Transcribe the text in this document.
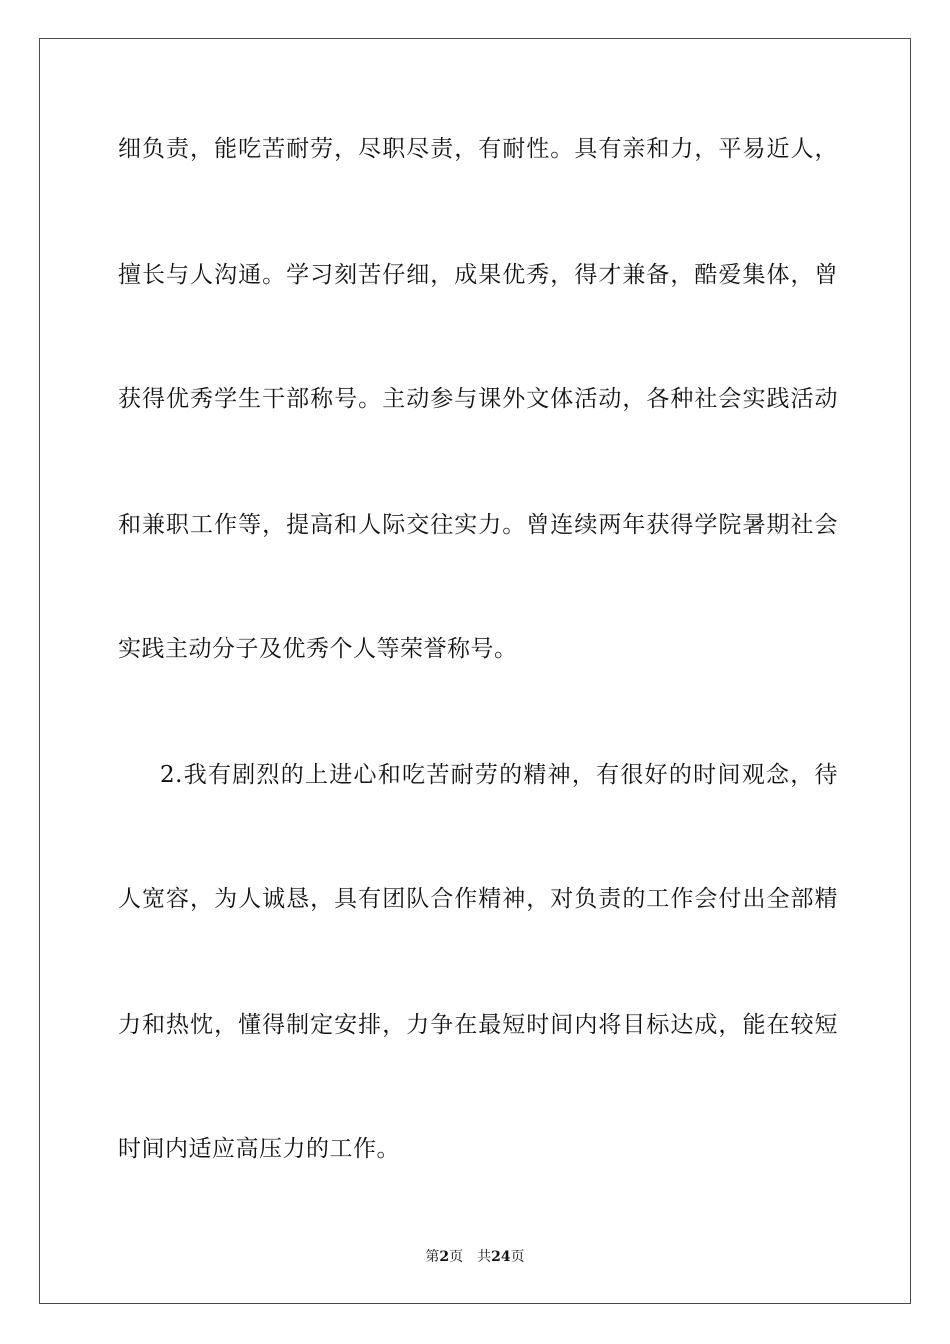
细负责，能吃苦耐劳，尽职尽责，有耐性。具有亲和力，平易近人，
擅长与人沟通。学习刻苦仔细，成果优秀，得才兼备，酷爱集体，曾
获得优秀学生干部称号。主动参与课外文体活动，各种社会实践活动
和兼职工作等，提高和人际交往实力。曾连续两年获得学院暑期社会
实践主动分子及优秀个人等荣誉称号。
2.我有剧烈的上进心和吃苦耐劳的精神，有很好的时间观念，待
人宽容，为人诚恳，具有团队合作精神，对负责的工作会付出全部精
力和热忱，懂得制定安排，力争在最短时间内将目标达成，能在较短
时间内适应高压力的工作。
第2页 共24页
